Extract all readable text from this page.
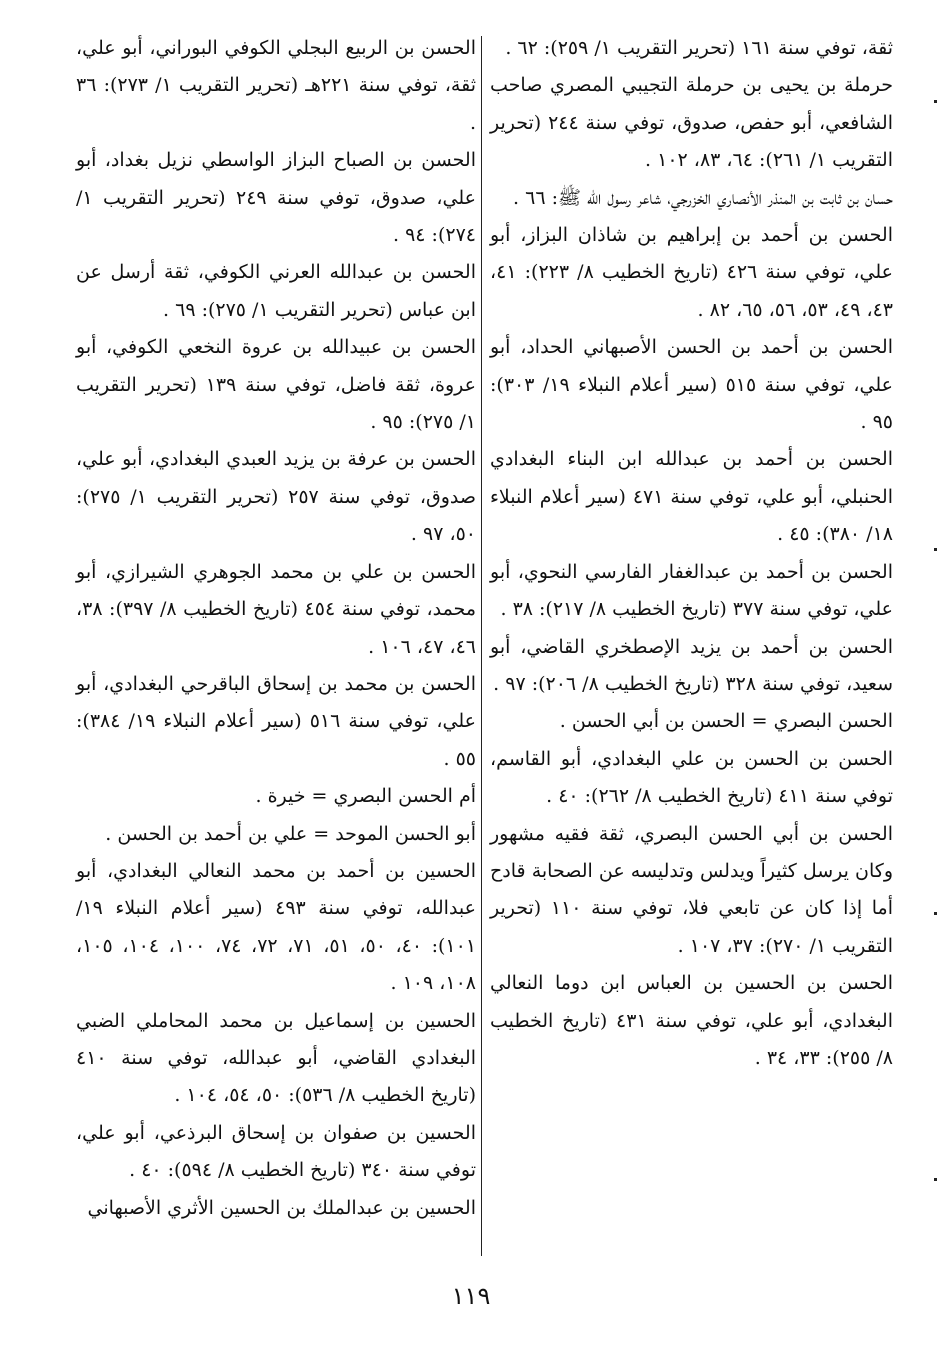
ثقة، توفي سنة ١٦١ (تحرير التقريب ١/ ٢٥٩): ٦٢ .
حرملة بن يحيى بن حرملة التجيبي المصري صاحب الشافعي، أبو حفص، صدوق، توفي سنة ٢٤٤ (تحرير التقريب ١/ ٢٦١): ٦٤، ٨٣، ١٠٢ .
حسان بن ثابت بن المنذر الأنصاري الخزرجي، شاعر رسول الله ﷺ: ٦٦ .
الحسن بن أحمد بن إبراهيم بن شاذان البزاز، أبو علي، توفي سنة ٤٢٦ (تاريخ الخطيب ٨/ ٢٢٣): ٤١، ٤٣، ٤٩، ٥٣، ٥٦، ٦٥، ٨٢ .
الحسن بن أحمد بن الحسن الأصبهاني الحداد، أبو علي، توفي سنة ٥١٥ (سير أعلام النبلاء ١٩/ ٣٠٣): ٩٥ .
الحسن بن أحمد بن عبدالله ابن البناء البغدادي الحنبلي، أبو علي، توفي سنة ٤٧١ (سير أعلام النبلاء ١٨/ ٣٨٠): ٤٥ .
الحسن بن أحمد بن عبدالغفار الفارسي النحوي، أبو علي، توفي سنة ٣٧٧ (تاريخ الخطيب ٨/ ٢١٧): ٣٨ .
الحسن بن أحمد بن يزيد الإصطخري القاضي، أبو سعيد، توفي سنة ٣٢٨ (تاريخ الخطيب ٨/ ٢٠٦): ٩٧ .
الحسن البصري = الحسن بن أبي الحسن .
الحسن بن الحسن بن علي البغدادي، أبو القاسم، توفي سنة ٤١١ (تاريخ الخطيب ٨/ ٢٦٢): ٤٠ .
الحسن بن أبي الحسن البصري، ثقة فقيه مشهور وكان يرسل كثيراً ويدلس وتدليسه عن الصحابة قادح أما إذا كان عن تابعي فلا، توفي سنة ١١٠ (تحرير التقريب ١/ ٢٧٠): ٣٧، ١٠٧ .
الحسن بن الحسين بن العباس ابن دوما النعالي البغدادي، أبو علي، توفي سنة ٤٣١ (تاريخ الخطيب ٨/ ٢٥٥): ٣٣، ٣٤ .
الحسن بن الربيع البجلي الكوفي البوراني، أبو علي، ثقة، توفي سنة ٢٢١هـ (تحرير التقريب ١/ ٢٧٣): ٣٦ .
الحسن بن الصباح البزاز الواسطي نزيل بغداد، أبو علي، صدوق، توفي سنة ٢٤٩ (تحرير التقريب ١/ ٢٧٤): ٩٤ .
الحسن بن عبدالله العرني الكوفي، ثقة أرسل عن ابن عباس (تحرير التقريب ١/ ٢٧٥): ٦٩ .
الحسن بن عبيدالله بن عروة النخعي الكوفي، أبو عروة، ثقة فاضل، توفي سنة ١٣٩ (تحرير التقريب ١/ ٢٧٥): ٩٥ .
الحسن بن عرفة بن يزيد العبدي البغدادي، أبو علي، صدوق، توفي سنة ٢٥٧ (تحرير التقريب ١/ ٢٧٥): ٥٠، ٩٧ .
الحسن بن علي بن محمد الجوهري الشيرازي، أبو محمد، توفي سنة ٤٥٤ (تاريخ الخطيب ٨/ ٣٩٧): ٣٨، ٤٦، ٤٧، ١٠٦ .
الحسن بن محمد بن إسحاق الباقرحي البغدادي، أبو علي، توفي سنة ٥١٦ (سير أعلام النبلاء ١٩/ ٣٨٤): ٥٥ .
أم الحسن البصري = خيرة .
أبو الحسن الموحد = علي بن أحمد بن الحسن .
الحسين بن أحمد بن محمد النعالي البغدادي، أبو عبدالله، توفي سنة ٤٩٣ (سير أعلام النبلاء ١٩/ ١٠١): ٤٠، ٥٠، ٥١، ٧١، ٧٢، ٧٤، ١٠٠، ١٠٤، ١٠٥، ١٠٨، ١٠٩ .
الحسين بن إسماعيل بن محمد المحاملي الضبي البغدادي القاضي، أبو عبدالله، توفي سنة ٤١٠ (تاريخ الخطيب ٨/ ٥٣٦): ٥٠، ٥٤، ١٠٤ .
الحسين بن صفوان بن إسحاق البرذعي، أبو علي، توفي سنة ٣٤٠ (تاريخ الخطيب ٨/ ٥٩٤): ٤٠ .
الحسين بن عبدالملك بن الحسين الأثري الأصبهاني
١١٩
